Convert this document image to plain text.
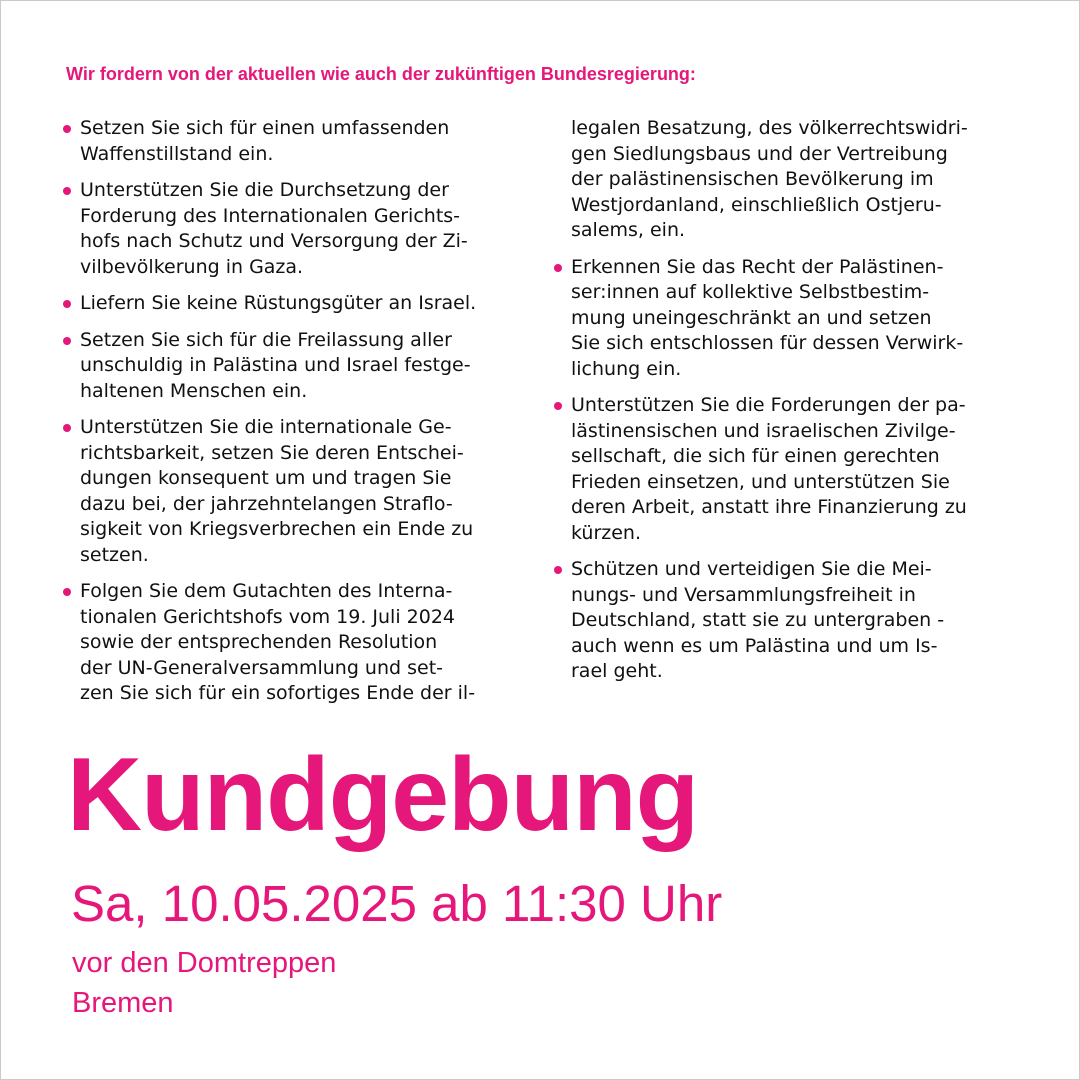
Wir fordern von der aktuellen wie auch der zukünftigen Bundesregierung:
Setzen Sie sich für einen umfassenden
Waffenstillstand ein.
Unterstützen Sie die Durchsetzung der
Forderung des Internationalen Gerichts-
hofs nach Schutz und Versorgung der Zi-
vilbevölkerung in Gaza.
Liefern Sie keine Rüstungsgüter an Israel.
Setzen Sie sich für die Freilassung aller
unschuldig in Palästina und Israel festge-
haltenen Menschen ein.
Unterstützen Sie die internationale Ge-
richtsbarkeit, setzen Sie deren Entschei-
dungen konsequent um und tragen Sie
dazu bei, der jahrzehntelangen Straflo-
sigkeit von Kriegsverbrechen ein Ende zu
setzen.
Folgen Sie dem Gutachten des Interna-
tionalen Gerichtshofs vom 19. Juli 2024
sowie der entsprechenden Resolution
der UN-Generalversammlung und set-
zen Sie sich für ein sofortiges Ende der il-
legalen Besatzung, des völkerrechtswidri-
gen Siedlungsbaus und der Vertreibung
der palästinensischen Bevölkerung im
Westjordanland, einschließlich Ostjeru-
salems, ein.
Erkennen Sie das Recht der Palästinen-
ser:innen auf kollektive Selbstbestim-
mung uneingeschränkt an und setzen
Sie sich entschlossen für dessen Verwirk-
lichung ein.
Unterstützen Sie die Forderungen der pa-
lästinensischen und israelischen Zivilge-
sellschaft, die sich für einen gerechten
Frieden einsetzen, und unterstützen Sie
deren Arbeit, anstatt ihre Finanzierung zu
kürzen.
Schützen und verteidigen Sie die Mei-
nungs- und Versammlungsfreiheit in
Deutschland, statt sie zu untergraben -
auch wenn es um Palästina und um Is-
rael geht.
Kundgebung
Sa, 10.05.2025 ab 11:30 Uhr
vor den Domtreppen
Bremen
